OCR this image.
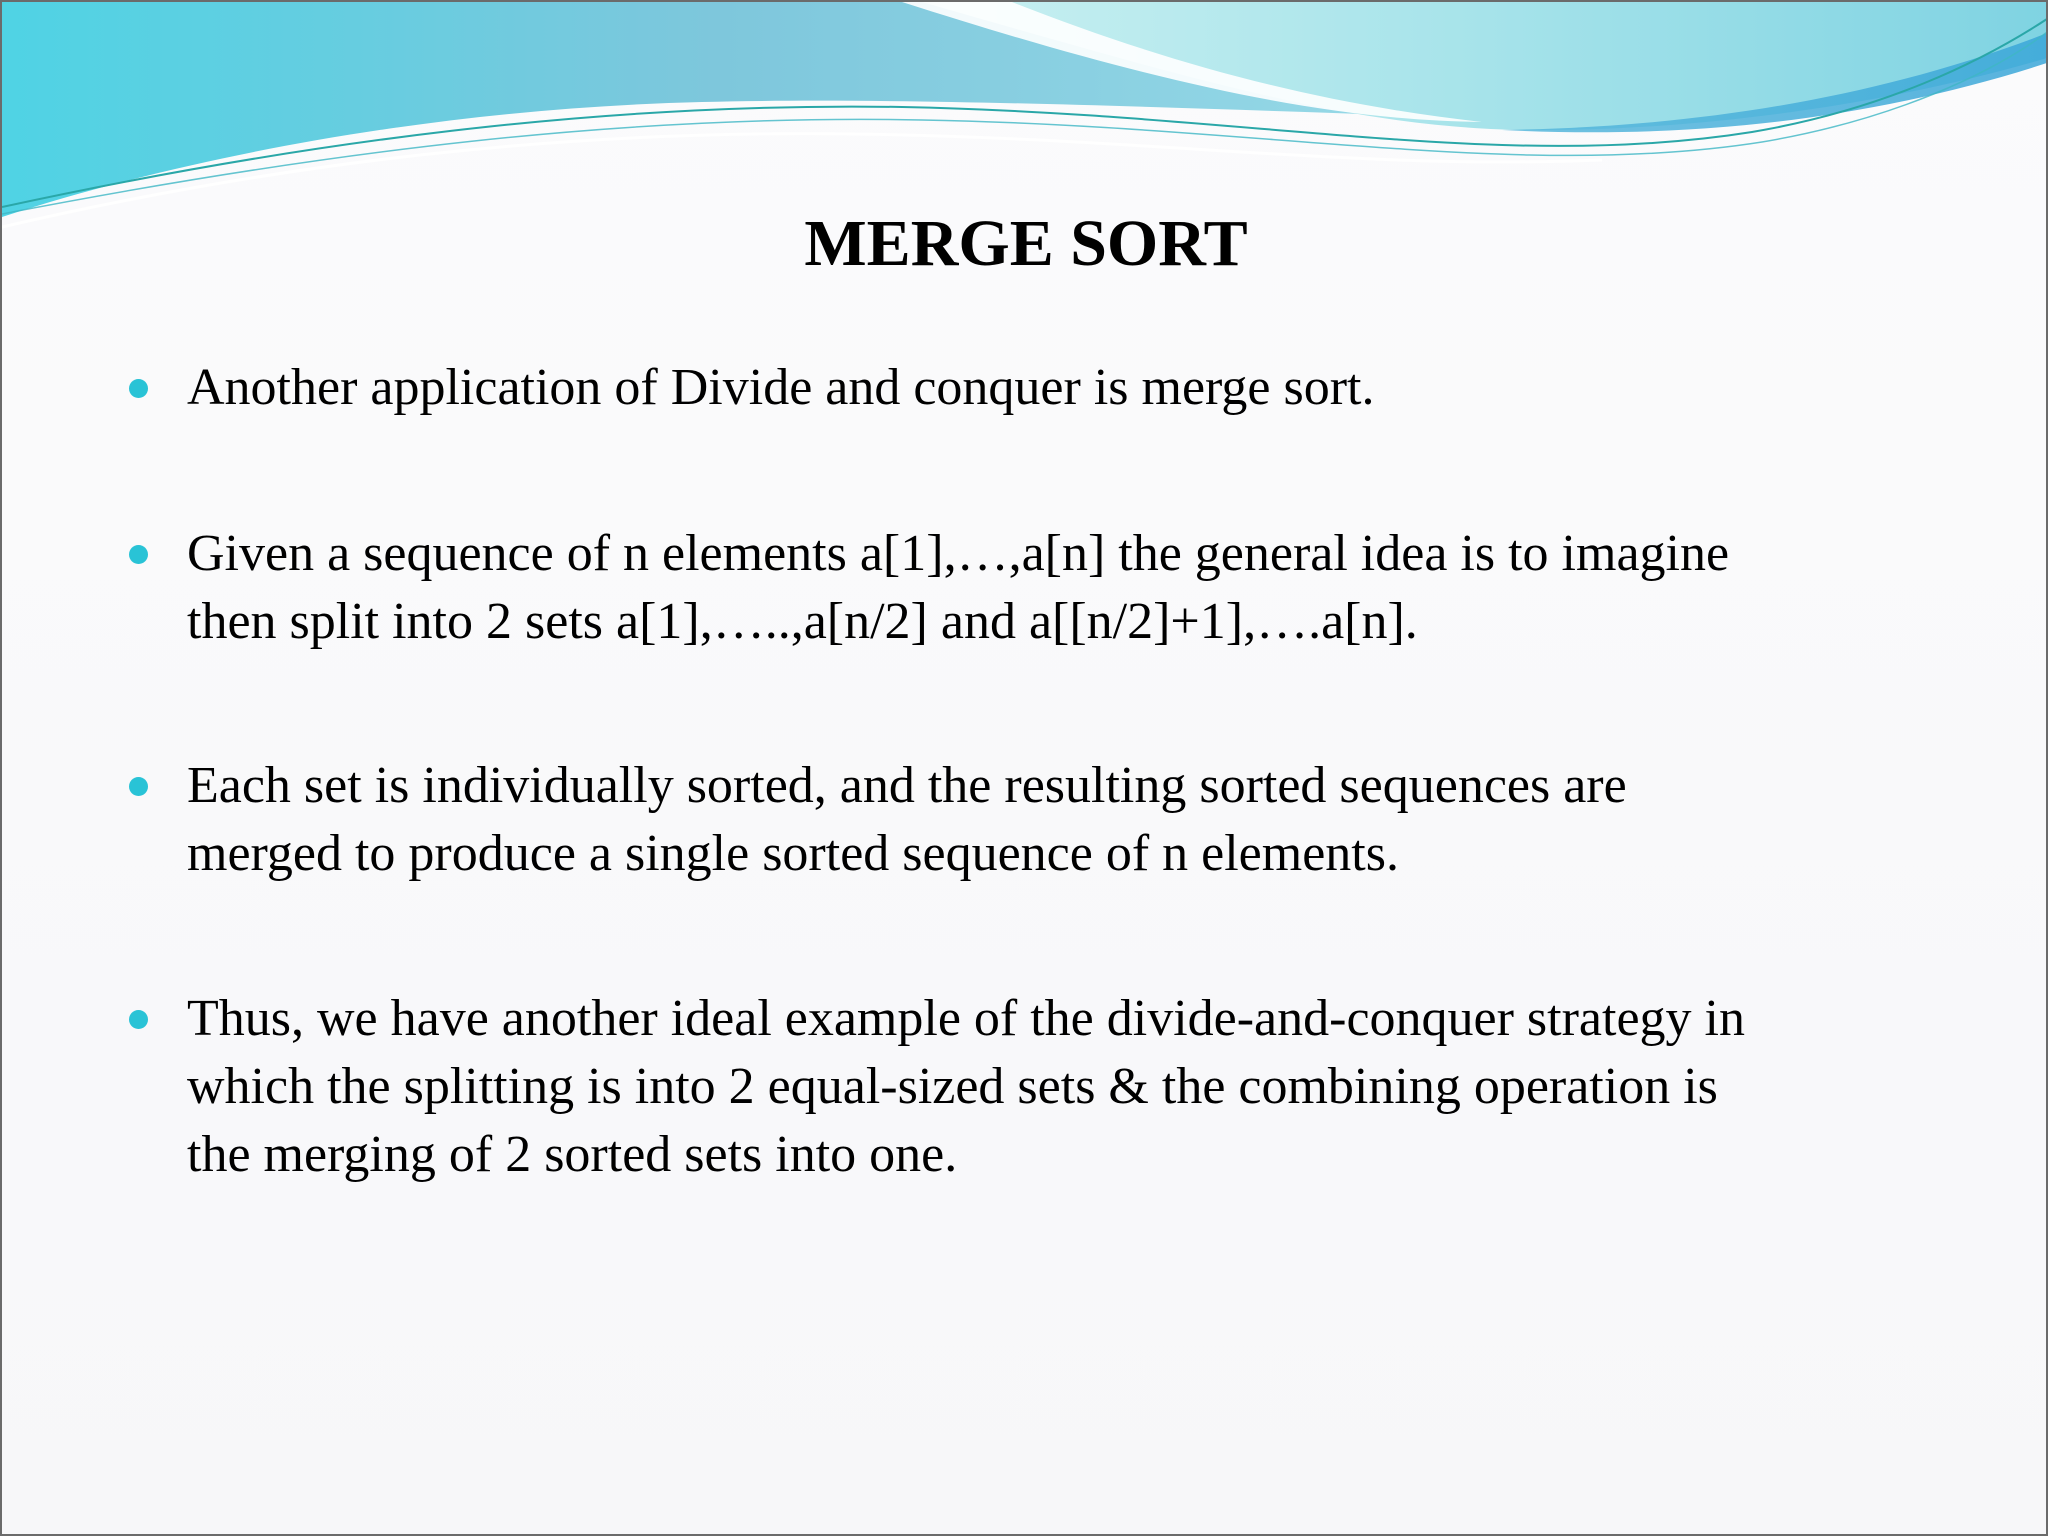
MERGE SORT
Another application of Divide and conquer is merge sort.
Given a sequence of n elements a[1],…,a[n] the general idea is to imagine
then split into 2 sets a[1],…..,a[n/2] and a[[n/2]+1],….a[n].
Each set is individually sorted, and the resulting sorted sequences are
merged to produce a single sorted sequence of n elements.
Thus, we have another ideal example of the divide-and-conquer strategy in
which the splitting is into 2 equal-sized sets & the combining operation is
the merging of 2 sorted sets into one.
